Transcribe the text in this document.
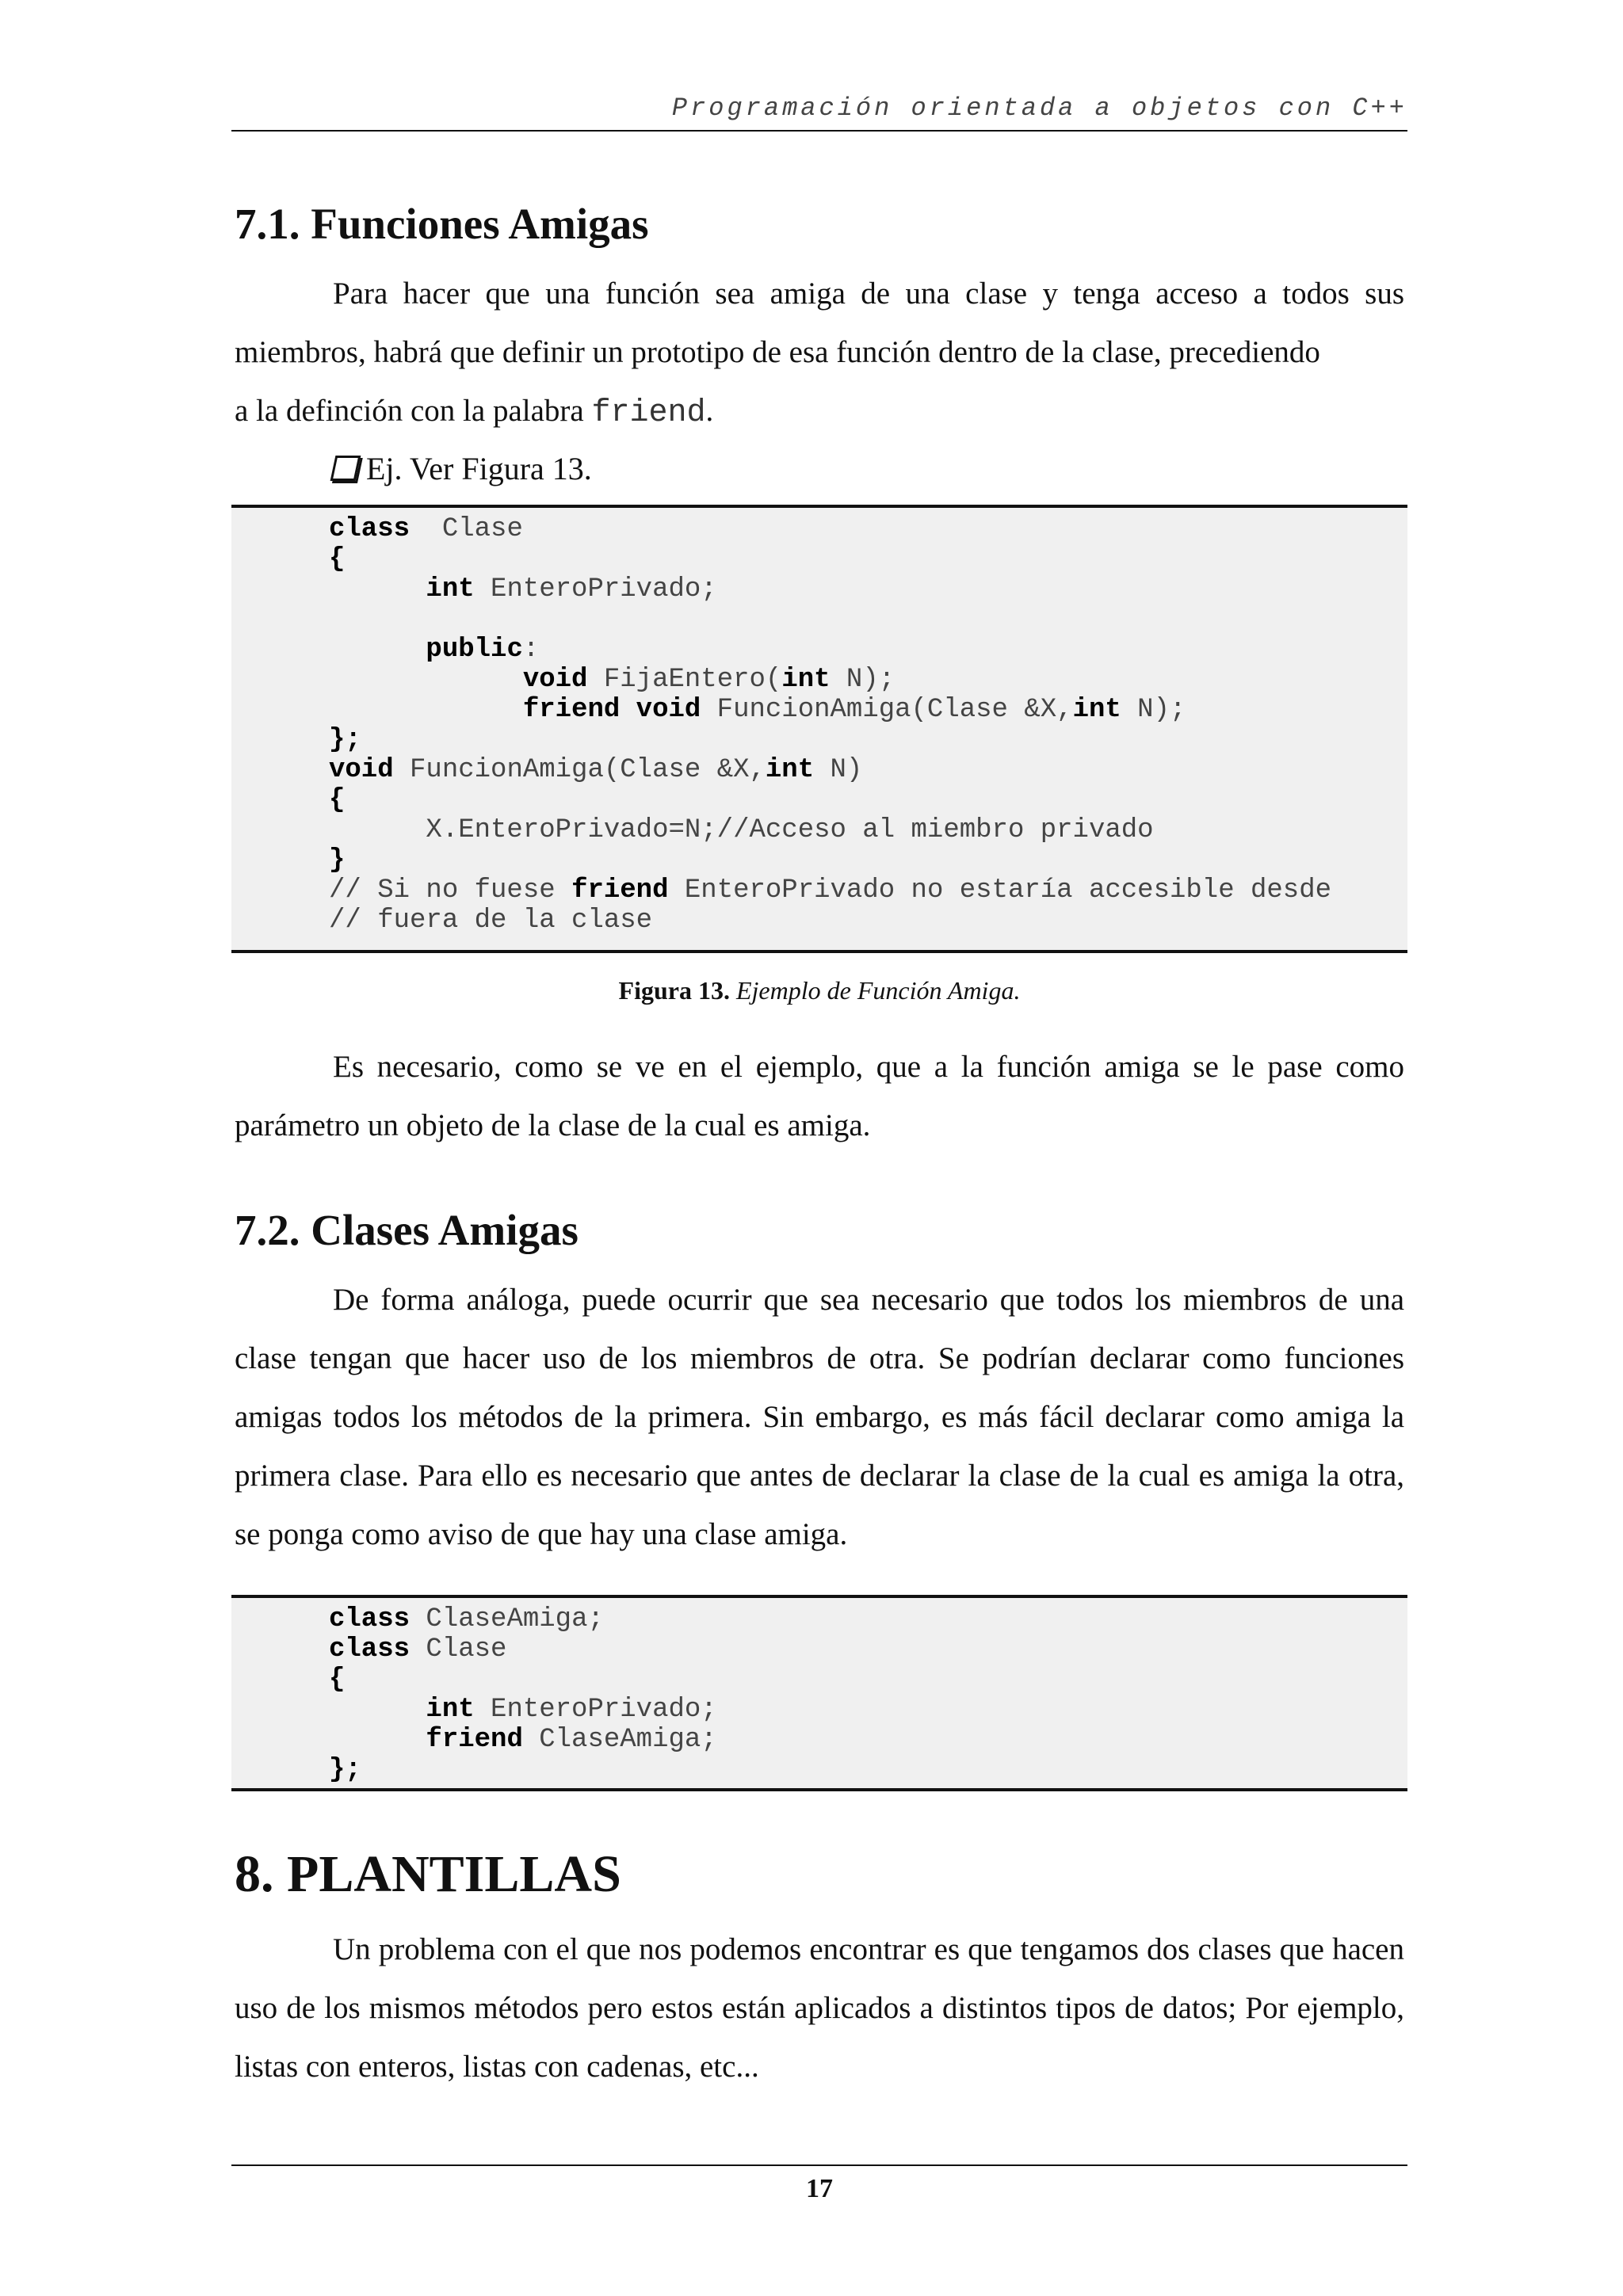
Programación orientada a objetos con C++
7.1. Funciones Amigas

Para hacer que una función sea amiga de una clase y tenga acceso a todos sus miembros, habrá que definir un prototipo de esa función dentro de la clase, precediendo

a la definción con la palabra friend.
Ej. Ver Figura 13.
class  Clase
{
int EnteroPrivado;
public:
void FijaEntero(int N);
friend void FuncionAmiga(Clase &X,int N);
};
void FuncionAmiga(Clase &X,int N)
{
X.EnteroPrivado=N;//Acceso al miembro privado
}
// Si no fuese friend EnteroPrivado no estaría accesible desde
// fuera de la clase
Figura 13. Ejemplo de Función Amiga.

Es necesario, como se ve en el ejemplo, que a la función amiga se le pase como parámetro un objeto de la clase de la cual es amiga.

7.2. Clases Amigas

De forma análoga, puede ocurrir que sea necesario que todos los miembros de una clase tengan que hacer uso de los miembros de otra. Se podrían declarar como funciones amigas todos los métodos de la primera. Sin embargo, es más fácil declarar como amiga la primera clase. Para ello es necesario que antes de declarar la clase de la cual es amiga la otra, se ponga como aviso de que hay una clase amiga.

class ClaseAmiga;
class Clase
{
int EnteroPrivado;
friend ClaseAmiga;
};
8. PLANTILLAS

Un problema con el que nos podemos encontrar es que tengamos dos clases que hacen uso de los mismos métodos pero estos están aplicados a distintos tipos de datos; Por ejemplo, listas con enteros, listas con cadenas, etc...

17
